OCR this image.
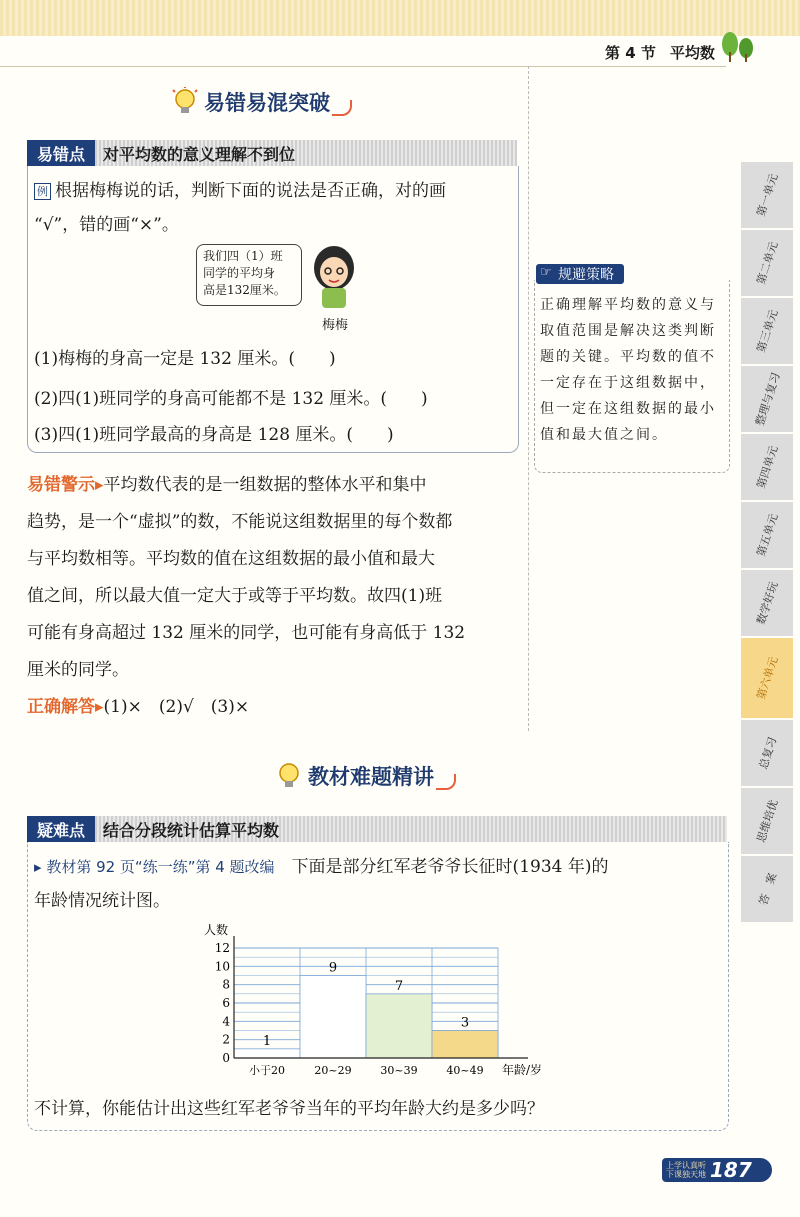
第 4 节 平均数
易错易混突破
易错点	对平均数的意义理解不到位
例 根据梅梅说的话，判断下面的说法是否正确，对的画
“√”，错的画“×”。
我们四（1）班
同学的平均身
高是132厘米。
梅梅
(1)梅梅的身高一定是 132 厘米。(　　)
(2)四(1)班同学的身高可能都不是 132 厘米。(　　)
(3)四(1)班同学最高的身高是 128 厘米。(　　)
易错警示▸平均数代表的是一组数据的整体水平和集中
趋势，是一个“虚拟”的数，不能说这组数据里的每个数都
与平均数相等。平均数的值在这组数据的最小值和最大
值之间，所以最大值一定大于或等于平均数。故四(1)班
可能有身高超过 132 厘米的同学，也可能有身高低于 132
厘米的同学。
正确解答▸(1)×　(2)√　(3)×
☞ 规避策略
正确理解平均数的意义与
取值范围是解决这类判断
题的关键。平均数的值不
一定存在于这组数据中，
但一定在这组数据的最小
值和最大值之间。
第一单元
第二单元
第三单元
整理与复习
第四单元
第五单元
数学好玩
第六单元
总复习
思维培优
答　案
教材难题精讲
疑难点	结合分段统计估算平均数
▸ 教材第 92 页“练一练”第 4 题改编　 下面是部分红军老爷爷长征时(1934 年)的
年龄情况统计图。
1
9
7
3
0
2
4
6
8
10
12
小于20	20~29	30~39	40~49
人数
年龄/岁
不计算，你能估计出这些红军老爷爷当年的平均年龄大约是多少吗？
上学认真听
下课独天地 187
